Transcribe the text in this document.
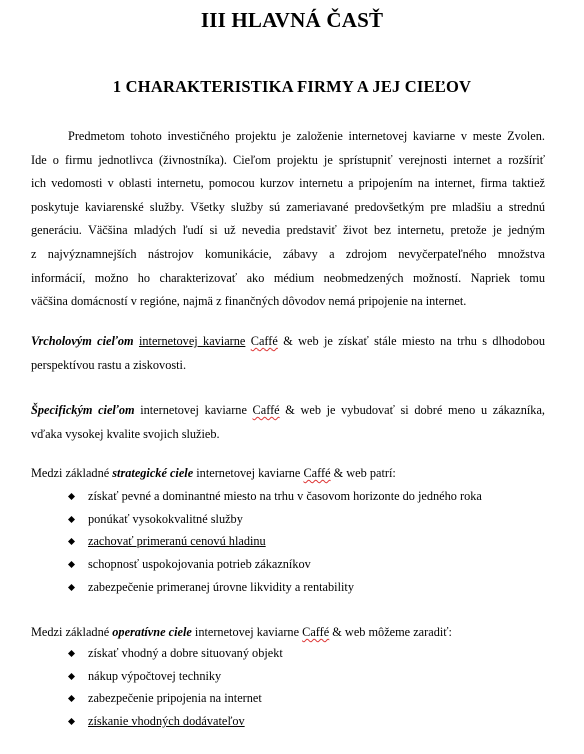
III HLAVNÁ ČASŤ
1 CHARAKTERISTIKA FIRMY A JEJ CIEĽOV
Predmetom tohoto investičného projektu je založenie internetovej kaviarne v meste Zvolen.
Ide o firmu jednotlivca (živnostníka). Cieľom projektu je sprístupniť verejnosti internet a rozšíriť
ich vedomosti v oblasti internetu, pomocou kurzov internetu a pripojením na internet, firma taktiež
poskytuje kaviarenské služby. Všetky služby sú zameriavané predovšetkým pre mladšiu a strednú
generáciu. Väčšina mladých ľudí si už nevedia predstaviť život bez internetu, pretože je jedným
z najvýznamnejších nástrojov komunikácie, zábavy a zdrojom nevyčerpateľného množstva
informácií, možno ho charakterizovať ako médium neobmedzených možností. Napriek tomu
väčšina domácností v regióne, najmä z finančných dôvodov nemá pripojenie na internet.
Vrcholovým cieľom internetovej kaviarne Caffé & web je získať stále miesto na trhu s dlhodobou
perspektívou rastu a ziskovosti.
Špecifickým cieľom internetovej kaviarne Caffé & web je vybudovať si dobré meno u zákazníka,
vďaka vysokej kvalite svojich služieb.
Medzi základné strategické ciele internetovej kaviarne Caffé & web patrí:
získať pevné a dominantné miesto na trhu v časovom horizonte do jedného roka
ponúkať vysokokvalitné služby
zachovať primeranú cenovú hladinu
schopnosť uspokojovania potrieb zákazníkov
zabezpečenie primeranej úrovne likvidity a rentability
Medzi základné operatívne ciele internetovej kaviarne Caffé & web môžeme zaradiť:
získať vhodný a dobre situovaný objekt
nákup výpočtovej techniky
zabezpečenie pripojenia na internet
získanie vhodných dodávateľov
